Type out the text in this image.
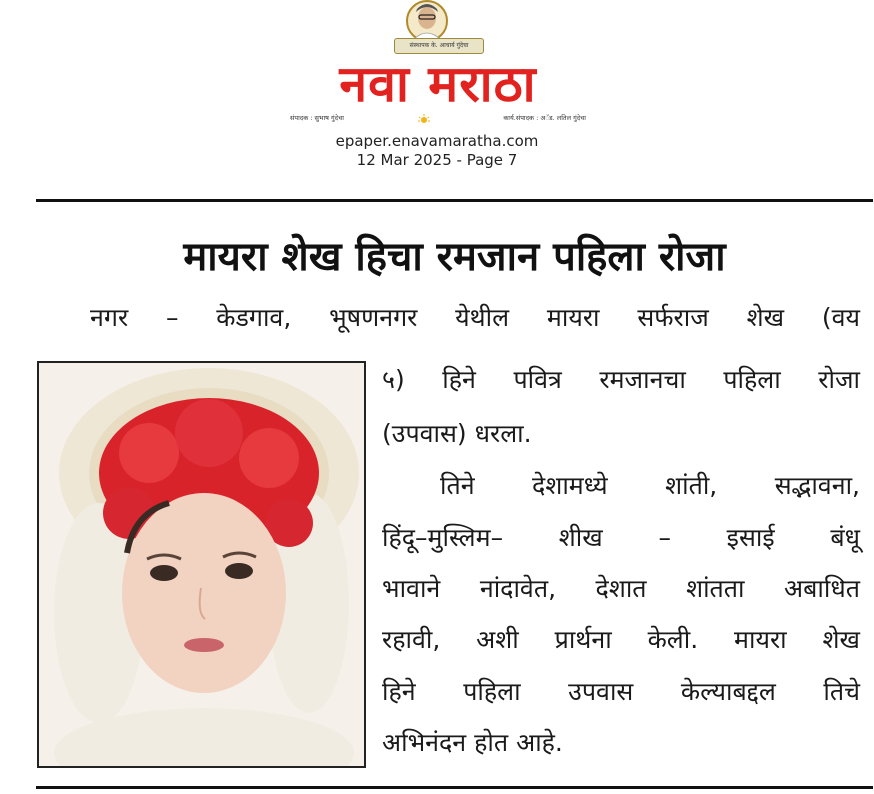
संस्थापक के. आचार्य गुंदेचा
नवा मराठा
संपादक : सुभाष गुंदेचा	कार्य.संपादक : अॅड. लतिल गुंदेचा
epaper.enavamaratha.com
12 Mar 2025 - Page 7
मायरा शेख हिचा रमजान पहिला रोजा
नगर – केडगाव, भूषणनगर येथील मायरा सर्फराज शेख (वय
५) हिने पवित्र रमजानचा पहिला रोजा
(उपवास) धरला.
तिने देशामध्ये शांती, सद्भावना,
हिंदू–मुस्लिम– शीख – इसाई बंधू
भावाने नांदावेत, देशात शांतता अबाधित
रहावी, अशी प्रार्थना केली. मायरा शेख
हिने पहिला उपवास केल्याबद्दल तिचे
अभिनंदन होत आहे.
